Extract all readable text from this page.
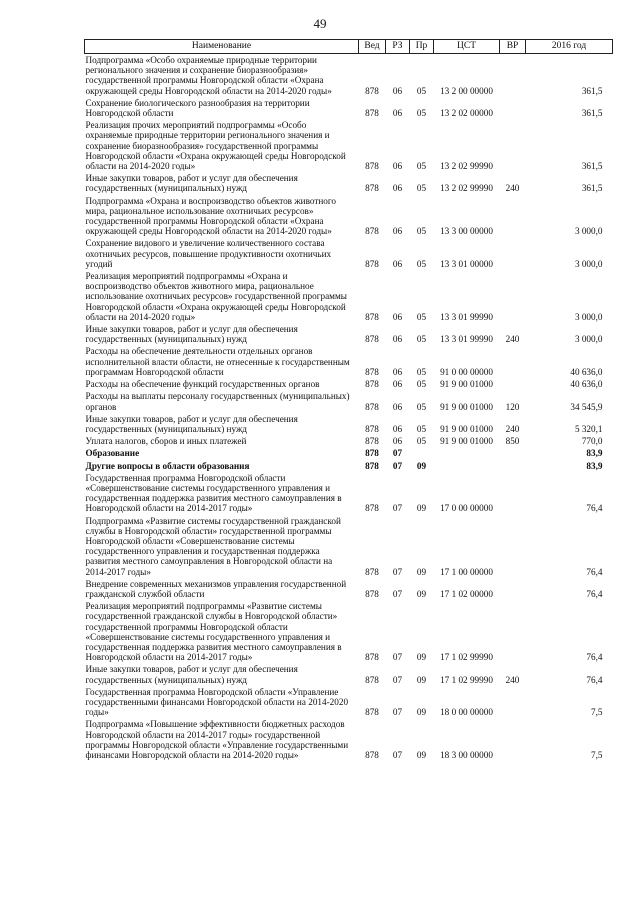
49
Наименование	Вед	РЗ	Пр	ЦСТ	ВР	2016 год
Подпрограмма «Особо охраняемые природные территории регионального значения и сохранение биоразнообразия» государственной программы Новгородской области «Охрана окружающей среды Новгородской области на 2014-2020 годы»	878	06	05	13 2 00 00000		361,5
Сохранение биологического разнообразия на территории Новгородской области	878	06	05	13 2 02 00000		361,5
Реализация прочих мероприятий подпрограммы «Особо охраняемые природные территории регионального значения и сохранение биоразнообразия» государственной программы Новгородской области «Охрана окружающей среды Новгородской области на 2014-2020 годы»	878	06	05	13 2 02 99990		361,5
Иные закупки товаров, работ и услуг для обеспечения государственных (муниципальных) нужд	878	06	05	13 2 02 99990	240	361,5
Подпрограмма «Охрана и воспроизводство объектов животного мира, рациональное использование охотничьих ресурсов» государственной программы Новгородской области «Охрана окружающей среды Новгородской области на 2014-2020 годы»	878	06	05	13 3 00 00000		3 000,0
Сохранение видового и увеличение количественного состава охотничьих ресурсов, повышение продуктивности охотничьих угодий	878	06	05	13 3 01 00000		3 000,0
Реализация мероприятий подпрограммы «Охрана и воспроизводство объектов животного мира, рациональное использование охотничьих ресурсов» государственной программы Новгородской области «Охрана окружающей среды Новгородской области на 2014-2020 годы»	878	06	05	13 3 01 99990		3 000,0
Иные закупки товаров, работ и услуг для обеспечения государственных (муниципальных) нужд	878	06	05	13 3 01 99990	240	3 000,0
Расходы на обеспечение деятельности отдельных органов исполнительной власти области, не отнесенные к государственным программам Новгородской области	878	06	05	91 0 00 00000		40 636,0
Расходы на обеспечение функций государственных органов	878	06	05	91 9 00 01000		40 636,0
Расходы на выплаты персоналу государственных (муниципальных) органов	878	06	05	91 9 00 01000	120	34 545,9
Иные закупки товаров, работ и услуг для обеспечения государственных (муниципальных) нужд	878	06	05	91 9 00 01000	240	5 320,1
Уплата налогов, сборов и иных платежей	878	06	05	91 9 00 01000	850	770,0
Образование	878	07				83,9
Другие вопросы в области образования	878	07	09			83,9
Государственная программа Новгородской области «Совершенствование системы государственного управления и государственная поддержка развития местного самоуправления в Новгородской области на 2014-2017 годы»	878	07	09	17 0 00 00000		76,4
Подпрограмма «Развитие системы государственной гражданской службы в Новгородской области» государственной программы Новгородской области «Совершенствование системы государственного управления и государственная поддержка развития местного самоуправления в Новгородской области на 2014-2017 годы»	878	07	09	17 1 00 00000		76,4
Внедрение современных механизмов управления государственной гражданской службой области	878	07	09	17 1 02 00000		76,4
Реализация мероприятий подпрограммы «Развитие системы государственной гражданской службы в Новгородской области» государственной программы Новгородской области «Совершенствование системы государственного управления и государственная поддержка развития местного самоуправления в Новгородской области на 2014-2017 годы»	878	07	09	17 1 02 99990		76,4
Иные закупки товаров, работ и услуг для обеспечения государственных (муниципальных) нужд	878	07	09	17 1 02 99990	240	76,4
Государственная программа Новгородской области «Управление государственными финансами Новгородской области на 2014-2020 годы»	878	07	09	18 0 00 00000		7,5
Подпрограмма «Повышение эффективности бюджетных расходов Новгородской области на 2014-2017 годы» государственной программы Новгородской области «Управление государственными финансами Новгородской области на 2014-2020 годы»	878	07	09	18 3 00 00000		7,5
